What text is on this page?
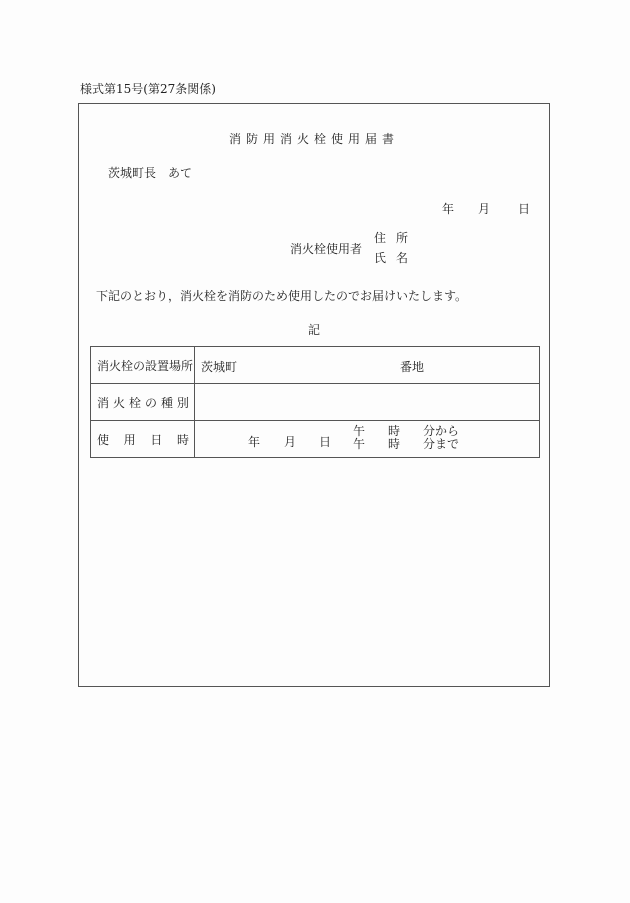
様式第15号(第27条関係)
消防用消火栓使用届書
茨城町長　あて
年	月	日
消火栓使用者
住所
氏名
下記のとおり，消火栓を消防のため使用したのでお届けいたします。
記
消火栓の設置場所	茨城町 番地

消 火 栓 の 種 別

使 用 日 時	年 月 日
午	時	分から
午	時	分まで
